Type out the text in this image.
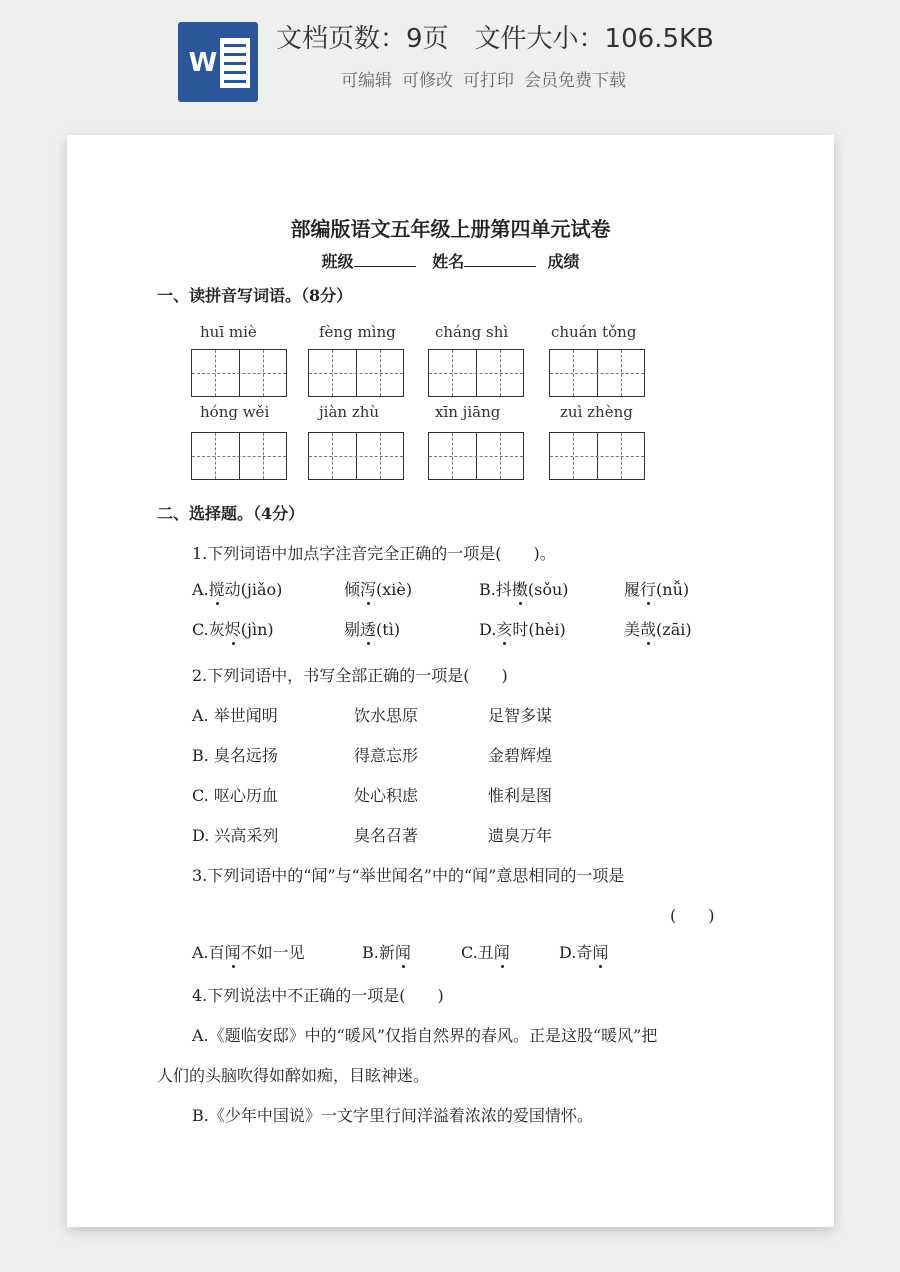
W
文档页数：9页 文件大小：106.5KB
可编辑 可修改 可打印 会员免费下载
部编版语文五年级上册第四单元试卷
班级	姓名	成绩
一、读拼音写词语。（8分）
huī miè	fèng mìng	cháng shì	chuán tǒng
hóng wěi	jiàn zhù	xīn jiāng	zuì zhèng
二、选择题。（4分）
1.下列词语中加点字注音完全正确的一项是(　　)。
A.搅动(jiǎo)	倾泻(xiè)	B.抖擞(sǒu)	履行(nǚ)
C.灰烬(jìn)	剔透(tì)	D.亥时(hèi)	美哉(zāi)
2.下列词语中，书写全部正确的一项是(　　)
A. 举世闻明	饮水思原	足智多谋
B. 臭名远扬	得意忘形	金碧辉煌
C. 呕心历血	处心积虑	惟利是图
D. 兴高采列	臭名召著	遗臭万年
3.下列词语中的“闻”与“举世闻名”中的“闻”意思相同的一项是
(　　)
A.百闻不如一见	B.新闻	C.丑闻	D.奇闻
4.下列说法中不正确的一项是(　　)
A.《题临安邸》中的“暖风”仅指自然界的春风。正是这股“暖风”把
人们的头脑吹得如醉如痴，目眩神迷。
B.《少年中国说》一文字里行间洋溢着浓浓的爱国情怀。
